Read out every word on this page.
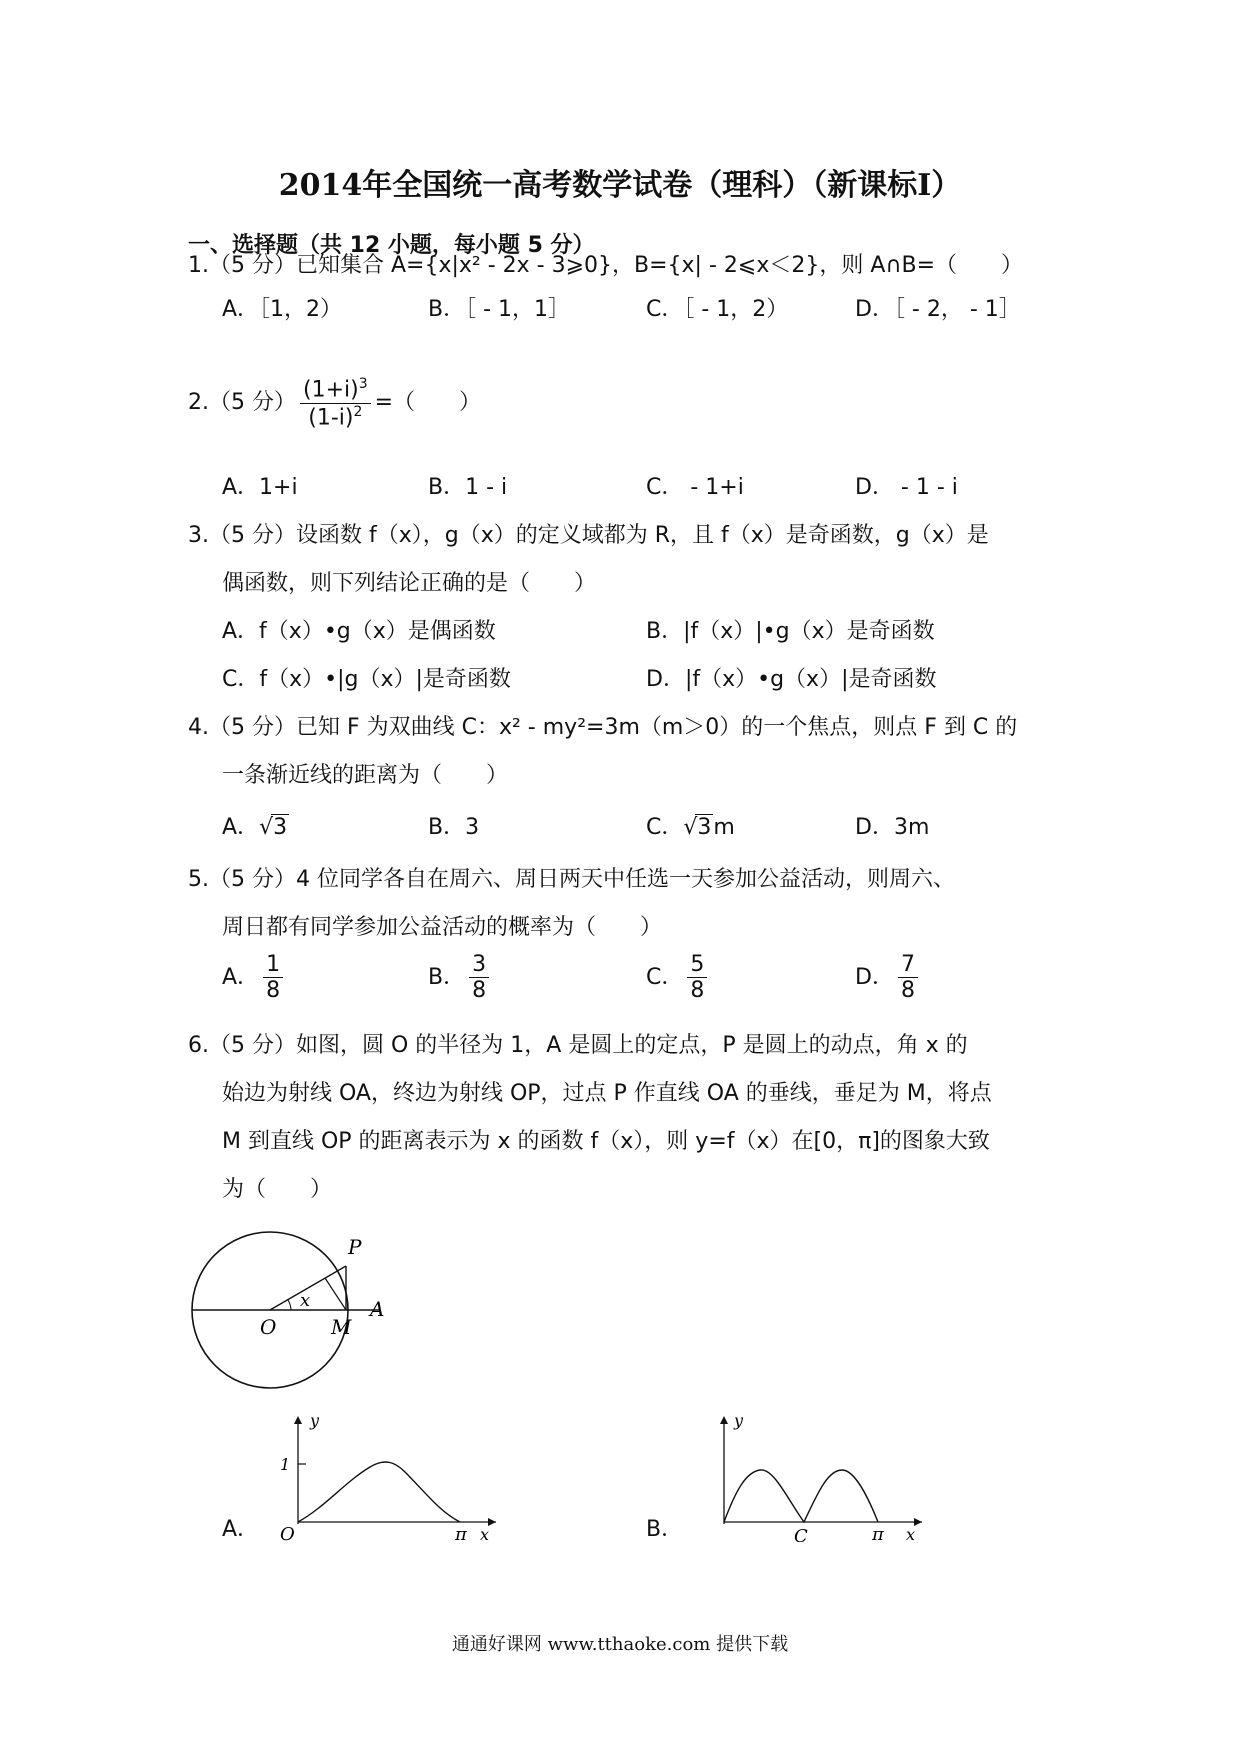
2014年全国统一高考数学试卷（理科）（新课标Ⅰ）
一、选择题（共 12 小题，每小题 5 分）
1.（5 分）已知集合 A={x|x² ‐ 2x ‐ 3⩾0}，B={x| ‐ 2⩽x＜2}，则 A∩B=（　　）
A．［1，2）	B．［ ‐ 1，1］	C．［ ‐ 1，2）	D．［ ‐ 2， ‐ 1］
2.（5 分） $\frac{(1+i)^3}{(1‐i)^2}$ =（　　）
A．1+i	B．1 ‐ i	C． ‐ 1+i	D． ‐ 1 ‐ i
3.（5 分）设函数 f（x），g（x）的定义域都为 R，且 f（x）是奇函数，g（x）是
偶函数，则下列结论正确的是（　　）
A．f（x）•g（x）是偶函数	B．|f（x）|•g（x）是奇函数
C．f（x）•|g（x）|是奇函数	D．|f（x）•g（x）|是奇函数
4.（5 分）已知 F 为双曲线 C：x² ‐ my²=3m（m＞0）的一个焦点，则点 F 到 C 的
一条渐近线的距离为（　　）
A．√3	B．3	C．√3m	D．3m
5.（5 分）4 位同学各自在周六、周日两天中任选一天参加公益活动，则周六、
周日都有同学参加公益活动的概率为（　　）
A． $\frac{1}{8}$	B． $\frac{3}{8}$	C． $\frac{5}{8}$	D． $\frac{7}{8}$
6.（5 分）如图，圆 O 的半径为 1，A 是圆上的定点，P 是圆上的动点，角 x 的
始边为射线 OA，终边为射线 OP，过点 P 作直线 OA 的垂线，垂足为 M，将点
M 到直线 OP 的距离表示为 x 的函数 f（x），则 y=f（x）在[0，π]的图象大致
为（　　）
P
O	M
A
x
y
1
O	π x
A．
y
C	π x
B．
通通好课网 www.tthaoke.com 提供下载
